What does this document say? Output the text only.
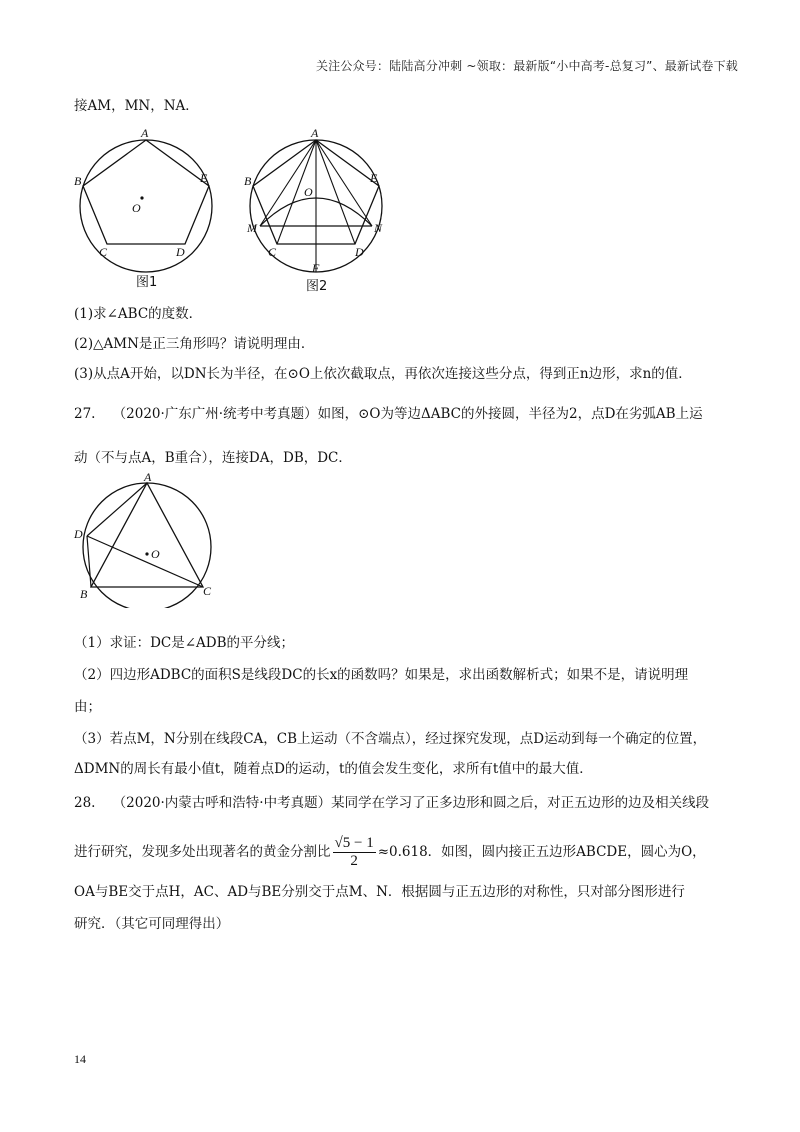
关注公众号：陆陆高分冲刺 ~领取：最新版“小中高考-总复习”、最新试卷下载
接AM，MN，NA．
A
B	E
C	D
O
图1
A
B	E
O
M	N
C	D
F
图2
(1)求∠ABC的度数．
(2)△AMN是正三角形吗？请说明理由．
(3)从点A开始，以DN长为半径，在⊙O上依次截取点，再依次连接这些分点，得到正n边形，求n的值．
27. （2020·广东广州·统考中考真题）如图，⊙O为等边ΔABC的外接圆，半径为2，点D在劣弧AB上运
动（不与点A，B重合），连接DA，DB，DC．
A
D
B	C
O
（1）求证：DC是∠ADB的平分线；
（2）四边形ADBC的面积S是线段DC的长x的函数吗？如果是，求出函数解析式；如果不是，请说明理
由；
（3）若点M，N分别在线段CA，CB上运动（不含端点），经过探究发现，点D运动到每一个确定的位置，
ΔDMN的周长有最小值t，随着点D的运动，t的值会发生变化，求所有t值中的最大值．
28. （2020·内蒙古呼和浩特·中考真题）某同学在学习了正多边形和圆之后，对正五边形的边及相关线段
进行研究，发现多处出现著名的黄金分割比 $\frac{√5 - 1}{2} \approx 0.618$．如图，圆内接正五边形ABCDE，圆心为O，
OA与BE交于点H，AC、AD与BE分别交于点M、N．根据圆与正五边形的对称性，只对部分图形进行
研究．（其它可同理得出）
14
